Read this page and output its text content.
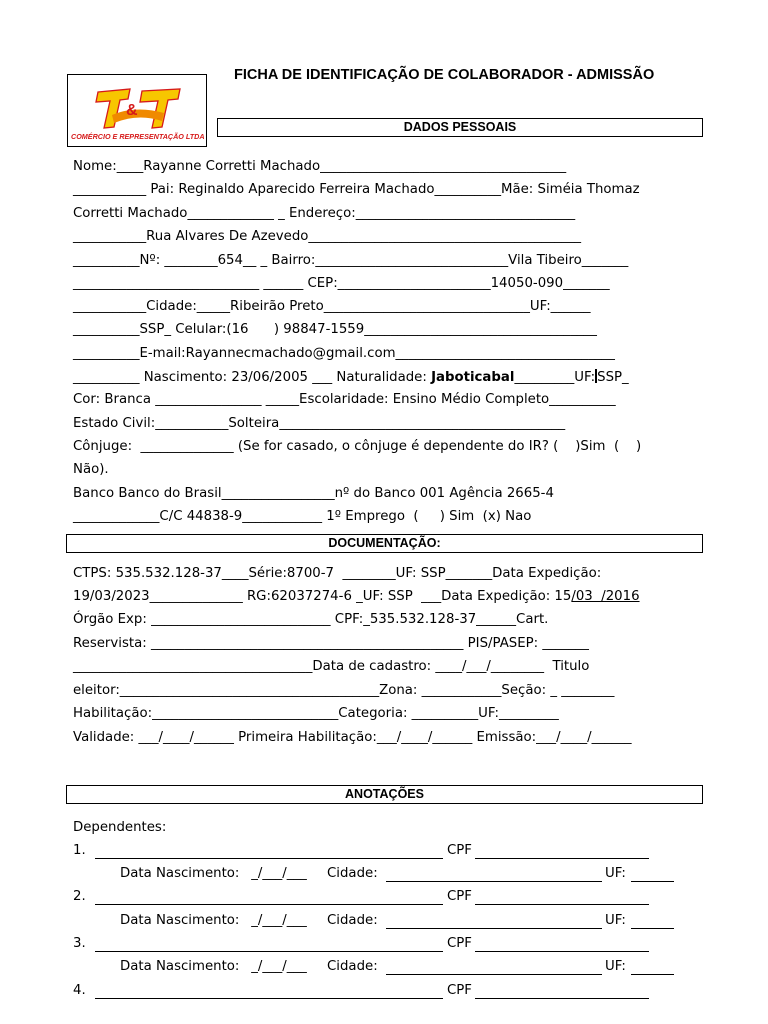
&
COMÉRCIO E REPRESENTAÇÃO LTDA
FICHA DE IDENTIFICAÇÃO DE COLABORADOR - ADMISSÃO
DADOS PESSOAIS
Nome:____Rayanne Corretti Machado_____________________________________
___________ Pai: Reginaldo Aparecido Ferreira Machado__________Mãe: Siméia Thomaz
Corretti Machado_____________ _ Endereço:_________________________________
___________Rua Alvares De Azevedo_________________________________________
__________Nº: ________654__ _ Bairro:_____________________________Vila Tibeiro_______
____________________________ ______ CEP:_______________________14050-090_______
___________Cidade:_____Ribeirão Preto_______________________________UF:______
__________SSP_ Celular:(16      ) 98847-1559___________________________________
__________E-mail:Rayannecmachado@gmail.com_________________________________
__________ Nascimento: 23/06/2005 ___ Naturalidade: Jaboticabal_________UF: SSP_
Cor: Branca ________________ _____Escolaridade: Ensino Médio Completo__________
Estado Civil:___________Solteira___________________________________________
Cônjuge:  ______________ (Se for casado, o cônjuge é dependente do IR? (    )Sim  (    )
Não).
Banco Banco do Brasil_________________nº do Banco 001 Agência 2665-4
_____________C/C 44838-9____________ 1º Emprego  (     ) Sim  (x) Nao
DOCUMENTAÇÃO:
CTPS: 535.532.128-37____Série:8700-7  ________UF: SSP_______Data Expedição:
19/03/2023______________ RG:62037274-6 _UF: SSP  ___Data Expedição: 15/03  /2016
Órgão Exp: ___________________________ CPF:_535.532.128-37______Cart.
Reservista: _______________________________________________ PIS/PASEP: _______
____________________________________Data de cadastro: ____/___/________  Titulo
eleitor:_______________________________________Zona: ____________Seção: _ ________
Habilitação:____________________________Categoria: __________UF:_________
Validade: ___/____/______ Primeira Habilitação:___/____/______ Emissão:___/____/______
ANOTAÇÕES
Dependentes:
1.	CPF
Data Nascimento: _/___/___ Cidade:	UF:
2.	CPF
Data Nascimento: _/___/___ Cidade:	UF:
3.	CPF
Data Nascimento: _/___/___ Cidade:	UF:
4.	CPF
